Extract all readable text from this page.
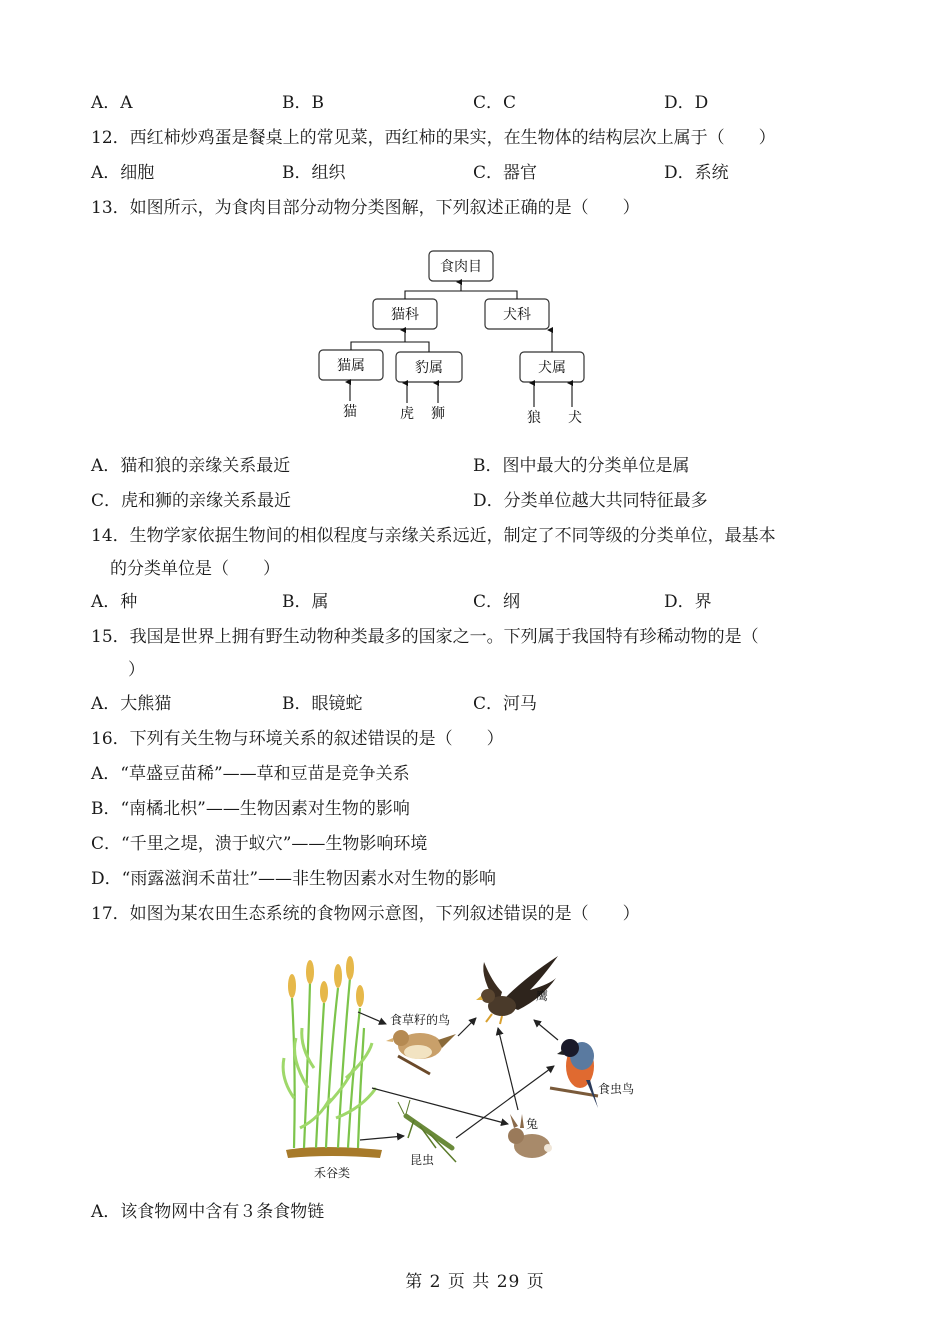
A．A	B．B	C．C	D．D
12．西红柿炒鸡蛋是餐桌上的常见菜，西红柿的果实，在生物体的结构层次上属于（　　）
A．细胞	B．组织	C．器官	D．系统
13．如图所示，为食肉目部分动物分类图解，下列叙述正确的是（　　）
食肉目
猫科	犬科
猫属	豹属	犬属
猫	虎 狮	狼 犬
A．猫和狼的亲缘关系最近	B．图中最大的分类单位是属
C．虎和狮的亲缘关系最近	D．分类单位越大共同特征最多
14．生物学家依据生物间的相似程度与亲缘关系远近，制定了不同等级的分类单位，最基本
的分类单位是（　　）
A．种	B．属	C．纲	D．界
15．我国是世界上拥有野生动物种类最多的国家之一。下列属于我国特有珍稀动物的是（
）
A．大熊猫	B．眼镜蛇	C．河马
16．下列有关生物与环境关系的叙述错误的是（　　）
A．“草盛豆苗稀”——草和豆苗是竞争关系
B．“南橘北枳”——生物因素对生物的影响
C．“千里之堤，溃于蚁穴”——生物影响环境
D．“雨露滋润禾苗壮”——非生物因素水对生物的影响
17．如图为某农田生态系统的食物网示意图，下列叙述错误的是（　　）
食草籽的鸟
鹰
食虫鸟
兔
昆虫
禾谷类
A．该食物网中含有３条食物链
第 2 页 共 29 页
